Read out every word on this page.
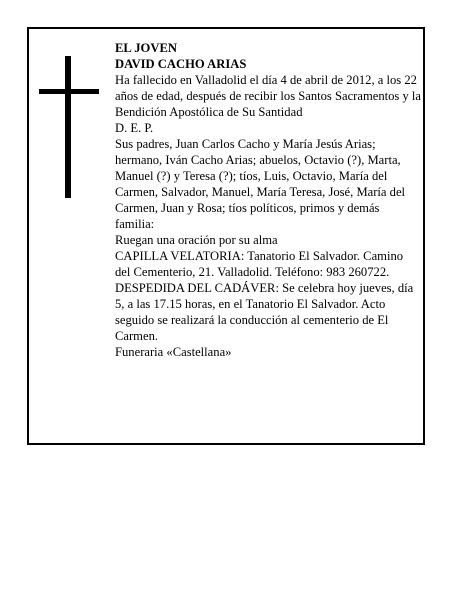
EL JOVEN

DAVID CACHO ARIAS

Ha fallecido en Valladolid el día 4 de abril de 2012, a los 22 años de edad, después de recibir los Santos Sacramentos y la Bendición Apostólica de Su Santidad

D. E. P.

Sus padres, Juan Carlos Cacho y María Jesús Arias; hermano, Iván Cacho Arias; abuelos, Octavio (?), Marta, Manuel (?) y Teresa (?); tíos, Luis, Octavio, María del Carmen, Salvador, Manuel, María Teresa, José, María del Carmen, Juan y Rosa; tíos políticos, primos y demás familia:

Ruegan una oración por su alma

CAPILLA VELATORIA: Tanatorio El Salvador. Camino del Cementerio, 21. Valladolid. Teléfono: 983 260722.

DESPEDIDA DEL CADÁVER: Se celebra hoy jueves, día 5, a las 17.15 horas, en el Tanatorio El Salvador. Acto seguido se realizará la conducción al cementerio de El Carmen.

Funeraria «Castellana»
